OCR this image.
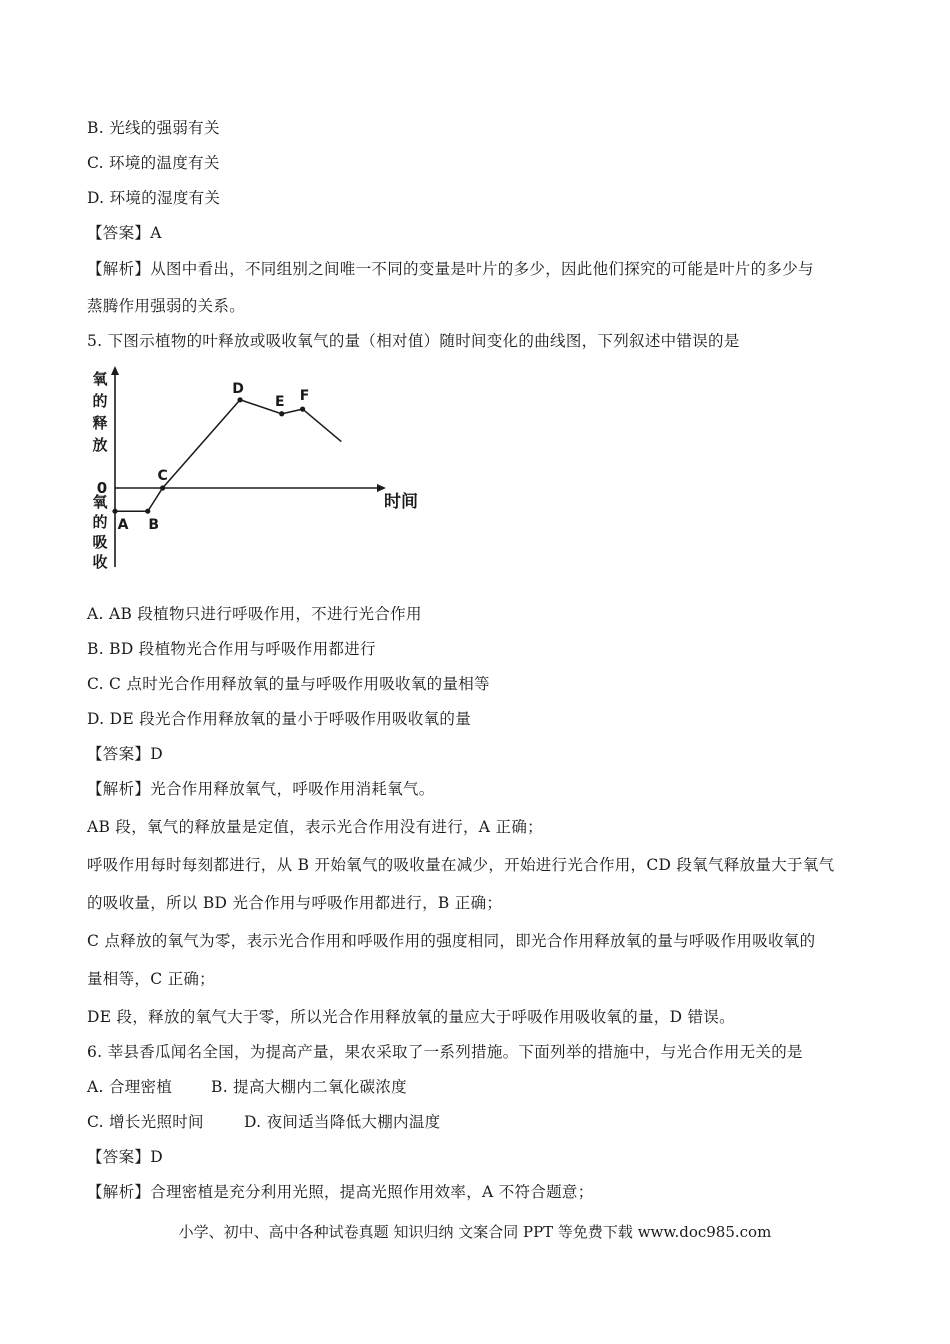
B. 光线的强弱有关
C. 环境的温度有关
D. 环境的湿度有关
【答案】A
【解析】从图中看出，不同组别之间唯一不同的变量是叶片的多少，因此他们探究的可能是叶片的多少与
蒸腾作用强弱的关系。
5. 下图示植物的叶释放或吸收氧气的量（相对值）随时间变化的曲线图，下列叙述中错误的是
氧的释放
氧的吸收
0
时间
A B
C
D
E F
A. AB 段植物只进行呼吸作用，不进行光合作用
B. BD 段植物光合作用与呼吸作用都进行
C. C 点时光合作用释放氧的量与呼吸作用吸收氧的量相等
D. DE 段光合作用释放氧的量小于呼吸作用吸收氧的量
【答案】D
【解析】光合作用释放氧气，呼吸作用消耗氧气。
AB 段，氧气的释放量是定值，表示光合作用没有进行，A 正确；
呼吸作用每时每刻都进行，从 B 开始氧气的吸收量在减少，开始进行光合作用，CD 段氧气释放量大于氧气
的吸收量，所以 BD 光合作用与呼吸作用都进行，B 正确；
C 点释放的氧气为零，表示光合作用和呼吸作用的强度相同，即光合作用释放氧的量与呼吸作用吸收氧的
量相等，C 正确；
DE 段，释放的氧气大于零，所以光合作用释放氧的量应大于呼吸作用吸收氧的量，D 错误。
6. 莘县香瓜闻名全国，为提高产量，果农采取了一系列措施。下面列举的措施中，与光合作用无关的是
A. 合理密植	B. 提高大棚内二氧化碳浓度
C. 增长光照时间	D. 夜间适当降低大棚内温度
【答案】D
【解析】合理密植是充分利用光照，提高光照作用效率，A 不符合题意；
小学、初中、高中各种试卷真题 知识归纳 文案合同 PPT 等免费下载 www.doc985.com
